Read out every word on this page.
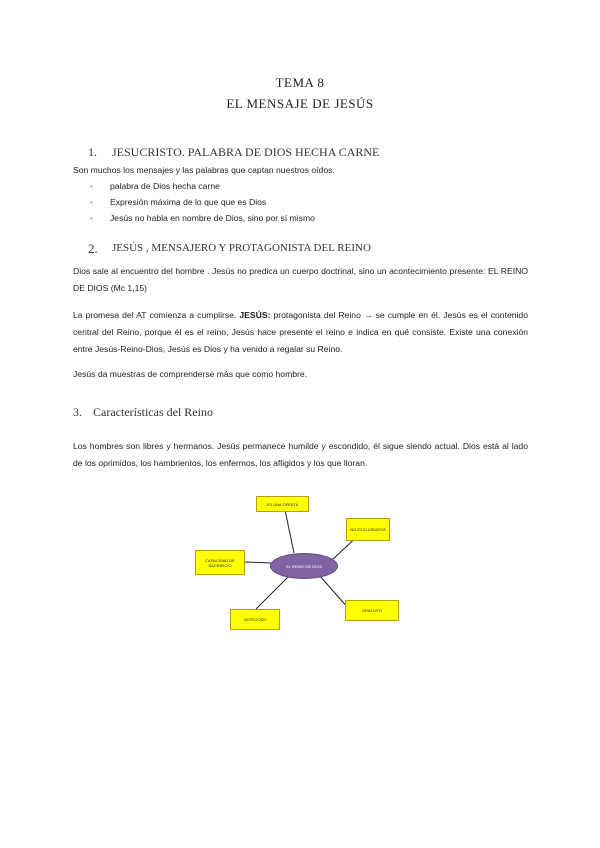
TEMA 8
EL MENSAJE DE JESÚS
1. JESUCRISTO. PALABRA DE DIOS HECHA CARNE
Son muchos los mensajes y las palabras que captan nuestros oídos.
- palabra de Dios hecha carne
- Expresión máxima de lo que que es Dios
- Jesús no habla en nombre de Dios, sino por sí mismo
2. JESÚS , MENSAJERO Y PROTAGONISTA DEL REINO
Dios sale al encuentro del hombre . Jesús no predica un cuerpo doctrinal, sino un acontecimiento presente: EL REINO DE DIOS (Mc 1,15)
La promesa del AT comienza a cumplirse. JESÚS: protagonista del Reino → se cumple en él. Jesús es el contenido central del Reino, porque él es el reino, Jesús hace presente el reino e indica en qué consiste. Existe una conexión entre Jesús-Reino-Dios, Jesús es Dios y ha venido a regalar su Reino.
Jesús da muestras de comprenderse más que como hombre.
3. Características del Reino
Los hombres son libres y hermanos. Jesús permanece humilde y escondido, él sigue siendo actual. Dios está al lado de los oprimidos, los hambrientos, los enfermos, los afligidos y los que lloran.
EL REINO DE DIOS
ES UNA OFERTA
NO EXCLUSIVISTA
CAPACIDAD DE SACRIFICIO
GRATUITO
NOTICIOSO
